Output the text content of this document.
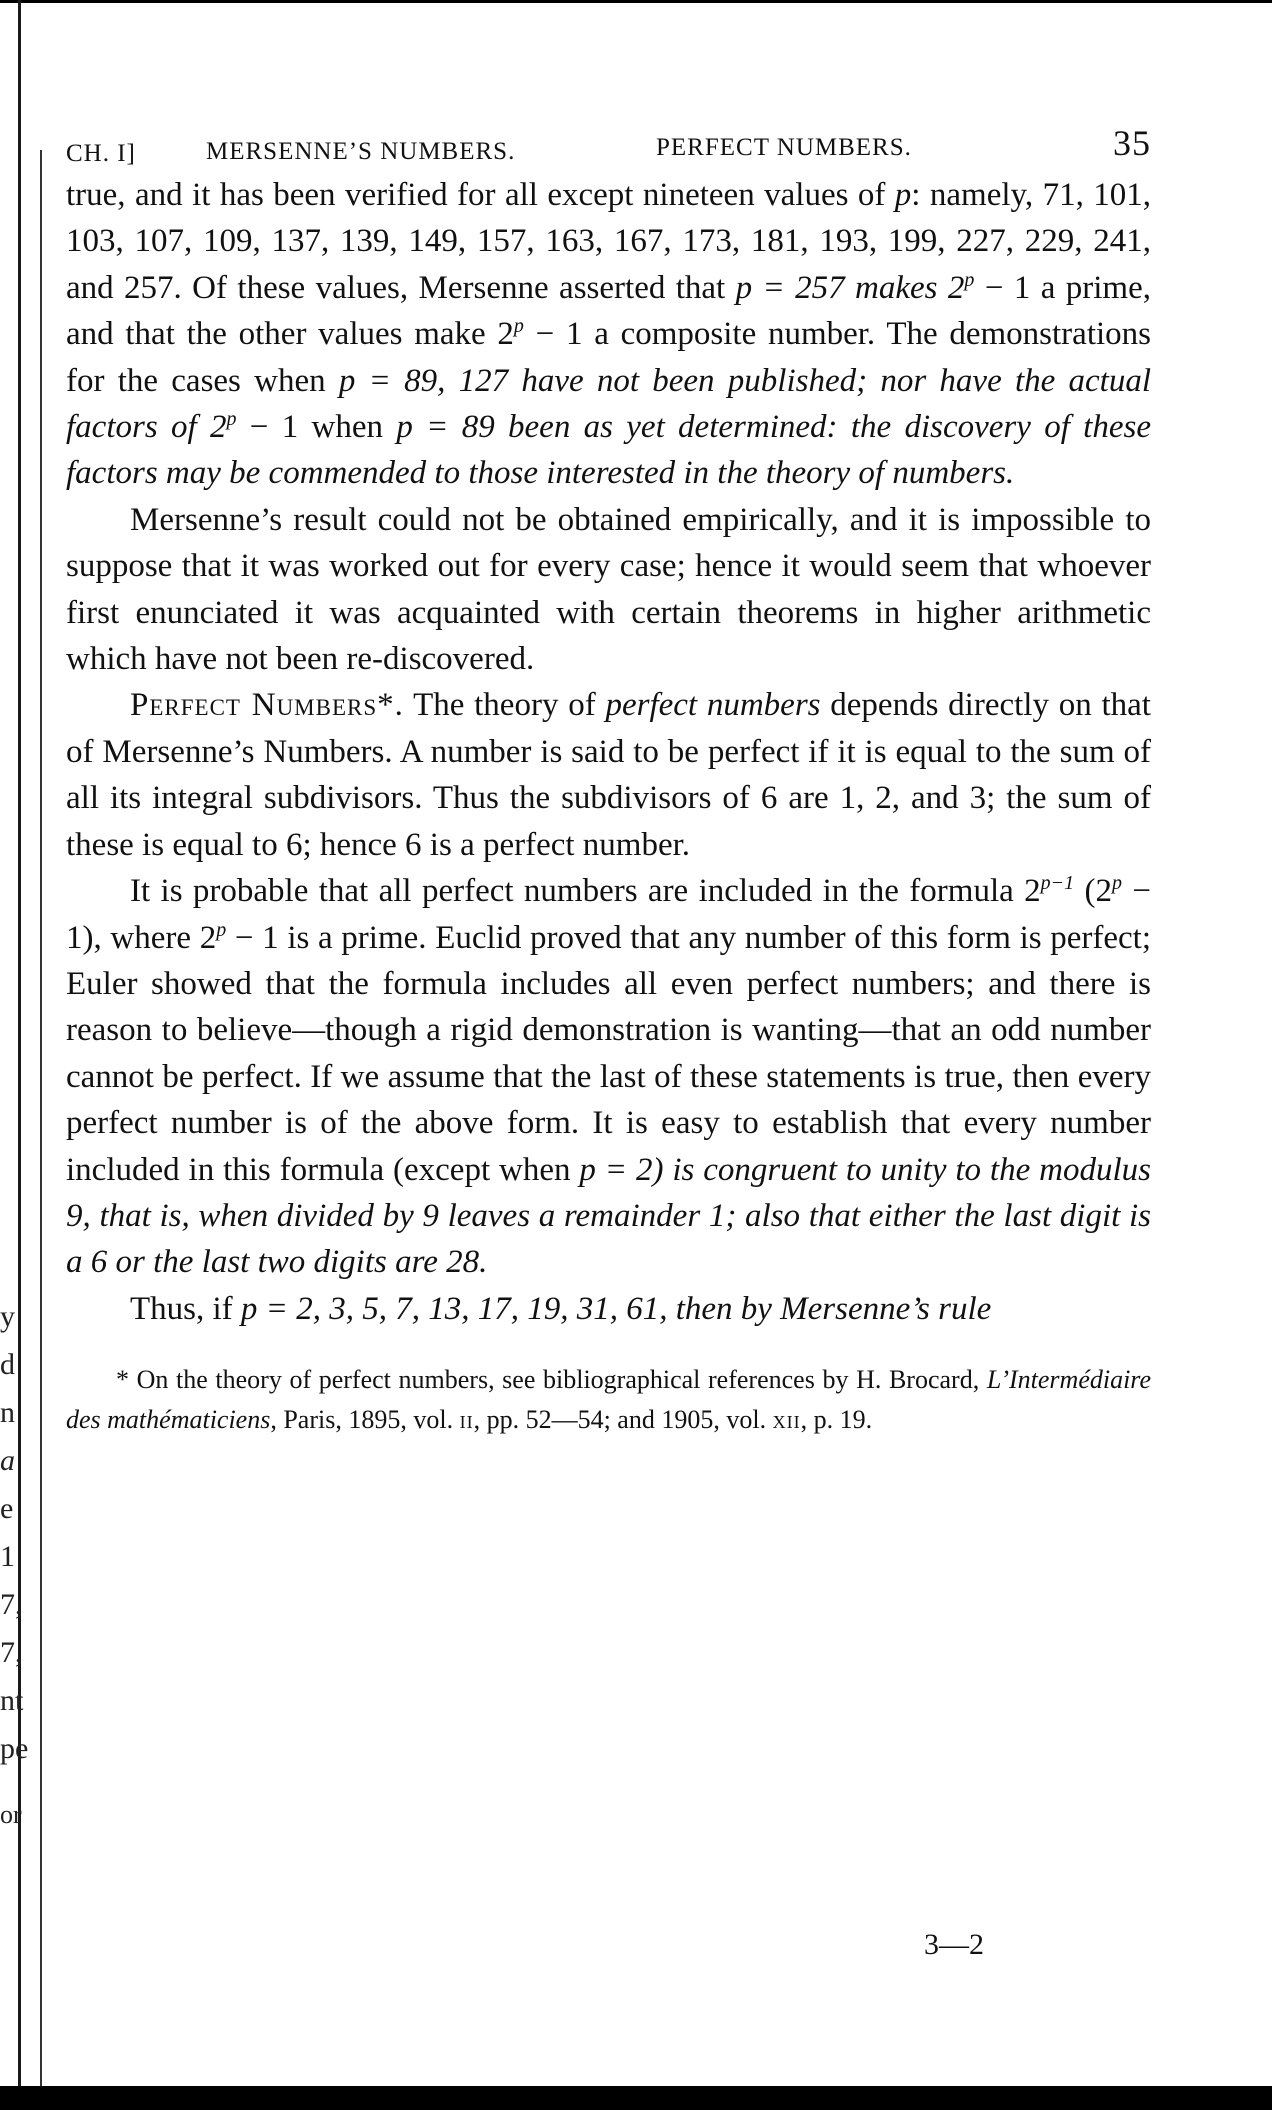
y
d
n
a
e
1
7,
7,
nt
pe
or
CH. I]	MERSENNE’S NUMBERS.	PERFECT NUMBERS.	35

true, and it has been verified for all except nineteen values of p: namely, 71, 101, 103, 107, 109, 137, 139, 149, 157, 163, 167, 173, 181, 193, 199, 227, 229, 241, and 257. Of these values, Mersenne asserted that p = 257 makes $2^p - 1$ a prime, and that the other values make $2^p - 1$ a composite number. The demonstrations for the cases when p = 89, 127 have not been published; nor have the actual factors of $2^p - 1$ when p = 89 been as yet determined: the discovery of these factors may be commended to those interested in the theory of numbers.

Mersenne’s result could not be obtained empirically, and it is impossible to suppose that it was worked out for every case; hence it would seem that whoever first enunciated it was acquainted with certain theorems in higher arithmetic which have not been re-discovered.

Perfect Numbers*. The theory of perfect numbers depends directly on that of Mersenne’s Numbers. A number is said to be perfect if it is equal to the sum of all its integral subdivisors. Thus the subdivisors of 6 are 1, 2, and 3; the sum of these is equal to 6; hence 6 is a perfect number.

It is probable that all perfect numbers are included in the formula $2^{p-1}$ $(2^p - 1)$, where $2^p - 1$ is a prime. Euclid proved that any number of this form is perfect; Euler showed that the formula includes all even perfect numbers; and there is reason to believe—though a rigid demonstration is wanting—that an odd number cannot be perfect. If we assume that the last of these statements is true, then every perfect number is of the above form. It is easy to establish that every number included in this formula (except when p = 2) is congruent to unity to the modulus 9, that is, when divided by 9 leaves a remainder 1; also that either the last digit is a 6 or the last two digits are 28.

Thus, if p = 2, 3, 5, 7, 13, 17, 19, 31, 61, then by Mersenne’s rule

* On the theory of perfect numbers, see bibliographical references by H. Brocard, L’Intermédiaire des mathématiciens, Paris, 1895, vol. ii, pp. 52—54; and 1905, vol. xii, p. 19.
3—2
